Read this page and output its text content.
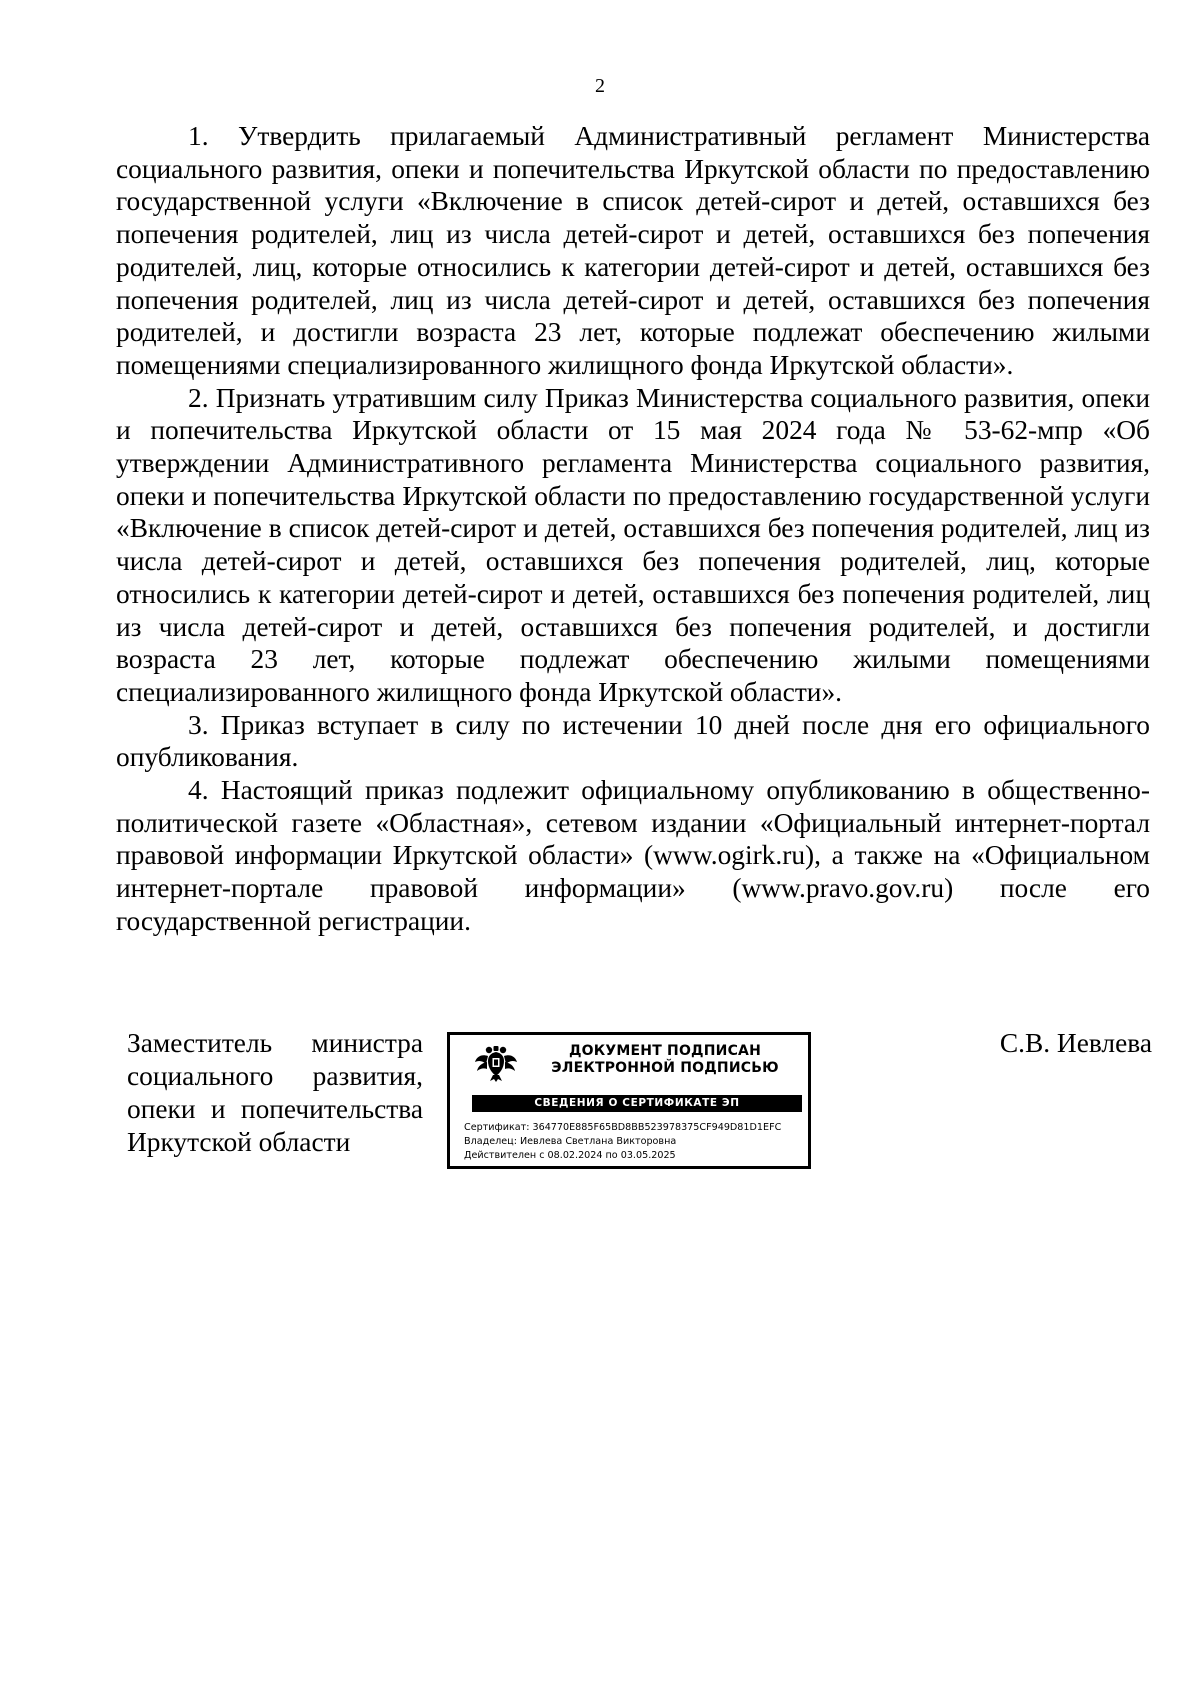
2

1. Утвердить прилагаемый Административный регламент Министерства социального развития, опеки и попечительства Иркутской области по предоставлению государственной услуги «Включение в список детей-сирот и детей, оставшихся без попечения родителей, лиц из числа детей-сирот и детей, оставшихся без попечения родителей, лиц, которые относились к категории детей-сирот и детей, оставшихся без попечения родителей, лиц из числа детей-сирот и детей, оставшихся без попечения родителей, и достигли возраста 23 лет, которые подлежат обеспечению жилыми помещениями специализированного жилищного фонда Иркутской области».

2. Признать утратившим силу Приказ Министерства социального развития, опеки и попечительства Иркутской области от 15 мая 2024 года № 53-62-мпр «Об утверждении Административного регламента Министерства социального развития, опеки и попечительства Иркутской области по предоставлению государственной услуги «Включение в список детей-сирот и детей, оставшихся без попечения родителей, лиц из числа детей-сирот и детей, оставшихся без попечения родителей, лиц, которые относились к категории детей-сирот и детей, оставшихся без попечения родителей, лиц из числа детей-сирот и детей, оставшихся без попечения родителей, и достигли возраста 23 лет, которые подлежат обеспечению жилыми помещениями специализированного жилищного фонда Иркутской области».

3. Приказ вступает в силу по истечении 10 дней после дня его официального опубликования.

4. Настоящий приказ подлежит официальному опубликованию в общественно-политической газете «Областная», сетевом издании «Официальный интернет-портал правовой информации Иркутской области» (www.ogirk.ru), а также на «Официальном интернет-портале правовой информации» (www.pravo.gov.ru) после его государственной регистрации.

Заместитель министра
социального развития,
опеки и попечительства
Иркутской области
ДОКУМЕНТ ПОДПИСАН
ЭЛЕКТРОННОЙ ПОДПИСЬЮ
СВЕДЕНИЯ О СЕРТИФИКАТЕ ЭП
Сертификат: 364770E885F65BD8BB523978375CF949D81D1EFC
Владелец: Иевлева Светлана Викторовна
Действителен с 08.02.2024 по 03.05.2025
С.В. Иевлева
